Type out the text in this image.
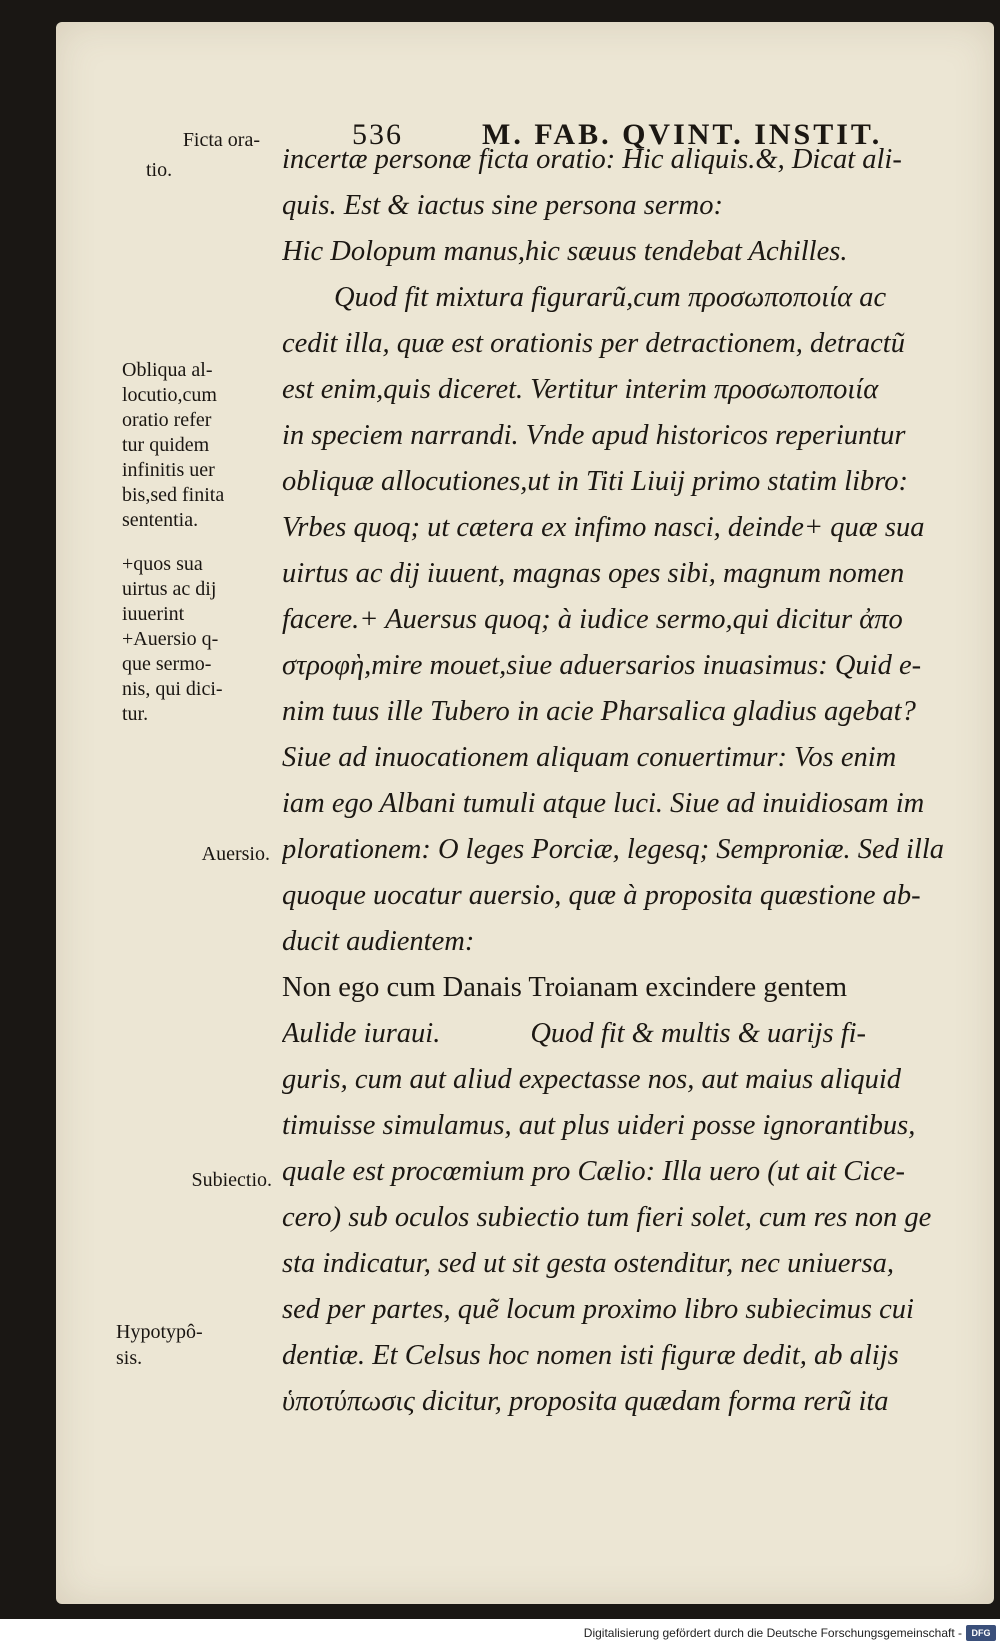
536	M. FAB. QVINT. INSTIT.
Ficta ora-
tio.
Obliqua al-
locutio,cum
oratio refer
tur quidem
infinitis uer
bis,sed finita
sententia.
+quos sua
uirtus ac dij
iuuerint
+Auersio q-
que sermo-
nis, qui dici-
tur.
Auersio.
Subiectio.
Hypotypô-
sis.
incertæ personæ ficta oratio: Hic aliquis.&, Dicat ali-
quis. Est & iactus sine persona sermo:
Hic Dolopum manus,hic sæuus tendebat Achilles.
Quod fit mixtura figurarũ,cum προσωποποιία ac
cedit illa, quæ est orationis per detractionem, detractũ
est enim,quis diceret. Vertitur interim προσωποποιία
in speciem narrandi. Vnde apud historicos reperiuntur
obliquæ allocutiones,ut in Titi Liuij primo statim libro:
Vrbes quoq; ut cætera ex infimo nasci, deinde+ quæ sua
uirtus ac dij iuuent, magnas opes sibi, magnum nomen
facere.+ Auersus quoq; à iudice sermo,qui dicitur ἀπο
στροφὴ,mire mouet,siue aduersarios inuasimus: Quid e-
nim tuus ille Tubero in acie Pharsalica gladius agebat?
Siue ad inuocationem aliquam conuertimur: Vos enim
iam ego Albani tumuli atque luci. Siue ad inuidiosam im
plorationem: O leges Porciæ, legesq; Semproniæ. Sed illa
quoque uocatur auersio, quæ à proposita quæstione ab-
ducit audientem:
Non ego cum Danais Troianam excindere gentem
Aulide iuraui.	Quod fit & multis & uarijs fi-
guris, cum aut aliud expectasse nos, aut maius aliquid
timuisse simulamus, aut plus uideri posse ignorantibus,
quale est procœmium pro Cælio: Illa uero (ut ait Cice-
cero) sub oculos subiectio tum fieri solet, cum res non ge
sta indicatur, sed ut sit gesta ostenditur, nec uniuersa,
sed per partes, quẽ locum proximo libro subiecimus cui
dentiæ. Et Celsus hoc nomen isti figuræ dedit, ab alijs
ὑποτύπωσις dicitur, proposita quædam forma rerũ ita
Digitalisierung gefördert durch die Deutsche Forschungsgemeinschaft -	DFG
